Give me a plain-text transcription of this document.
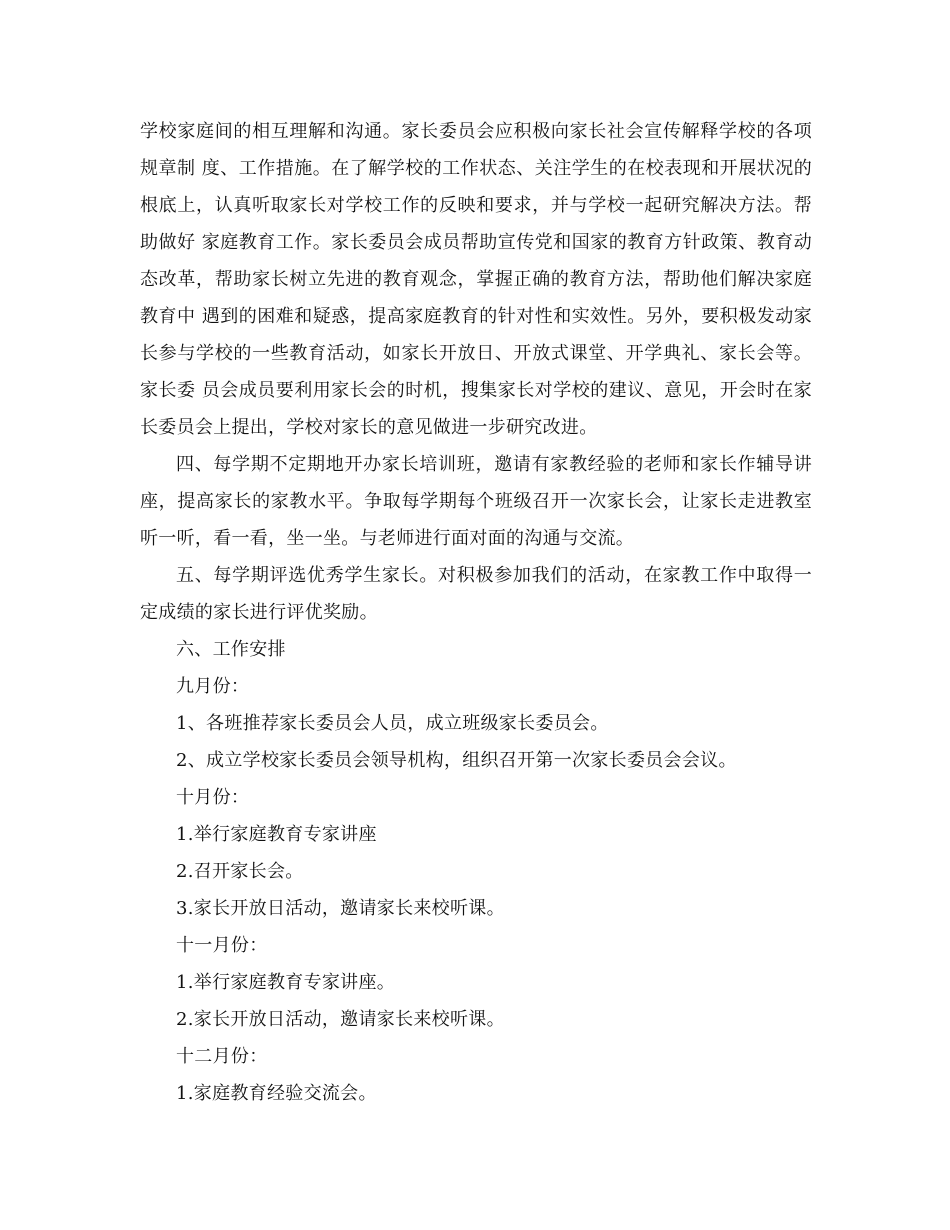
学校家庭间的相互理解和沟通。家长委员会应积极向家长社会宣传解释学校的各项规章制 度、工作措施。在了解学校的工作状态、关注学生的在校表现和开展状况的根底上，认真听取家长对学校工作的反映和要求，并与学校一起研究解决方法。帮助做好 家庭教育工作。家长委员会成员帮助宣传党和国家的教育方针政策、教育动态改革，帮助家长树立先进的教育观念，掌握正确的教育方法，帮助他们解决家庭教育中 遇到的困难和疑惑，提高家庭教育的针对性和实效性。另外，要积极发动家长参与学校的一些教育活动，如家长开放日、开放式课堂、开学典礼、家长会等。家长委 员会成员要利用家长会的时机，搜集家长对学校的建议、意见，开会时在家长委员会上提出，学校对家长的意见做进一步研究改进。

四、每学期不定期地开办家长培训班，邀请有家教经验的老师和家长作辅导讲座，提高家长的家教水平。争取每学期每个班级召开一次家长会，让家长走进教室听一听，看一看，坐一坐。与老师进行面对面的沟通与交流。

五、每学期评选优秀学生家长。对积极参加我们的活动，在家教工作中取得一定成绩的家长进行评优奖励。

六、工作安排

九月份：

1、各班推荐家长委员会人员，成立班级家长委员会。

2、成立学校家长委员会领导机构，组织召开第一次家长委员会会议。

十月份：

1.举行家庭教育专家讲座

2.召开家长会。

3.家长开放日活动，邀请家长来校听课。

十一月份：

1.举行家庭教育专家讲座。

2.家长开放日活动，邀请家长来校听课。

十二月份：

1.家庭教育经验交流会。
